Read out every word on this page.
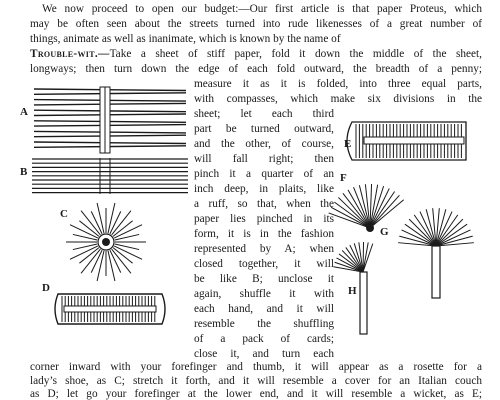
We now proceed to open our budget:—Our first article is that paper Proteus, which
may be often seen about the streets turned into rude likenesses of a great number of
things, animate as well as inanimate, which is known by the name of
Trouble-wit.—Take a sheet of stiff paper, fold it down the middle of the sheet,
longways; then turn down the edge of each fold outward, the breadth of a penny;
measure it as it is folded, into three equal parts,
with compasses, which make six divisions in the
sheet; let each third
part be turned outward,
and the other, of course,
will fall right; then
pinch it a quarter of an
inch deep, in plaits, like
a ruff, so that, when the
paper lies pinched in its
form, it is in the fashion
represented by A; when
closed together, it will
be like B; unclose it
again, shuffle it with
each hand, and it will
resemble the shuffling
of a pack of cards;
close it, and turn each
corner inward with your forefinger and thumb, it will appear as a rosette for a
lady’s shoe, as C; stretch it forth, and it will resemble a cover for an Italian couch
as D; let go your forefinger at the lower end, and it will resemble a wicket, as E;
A
B
C
D
E
F
G
H
